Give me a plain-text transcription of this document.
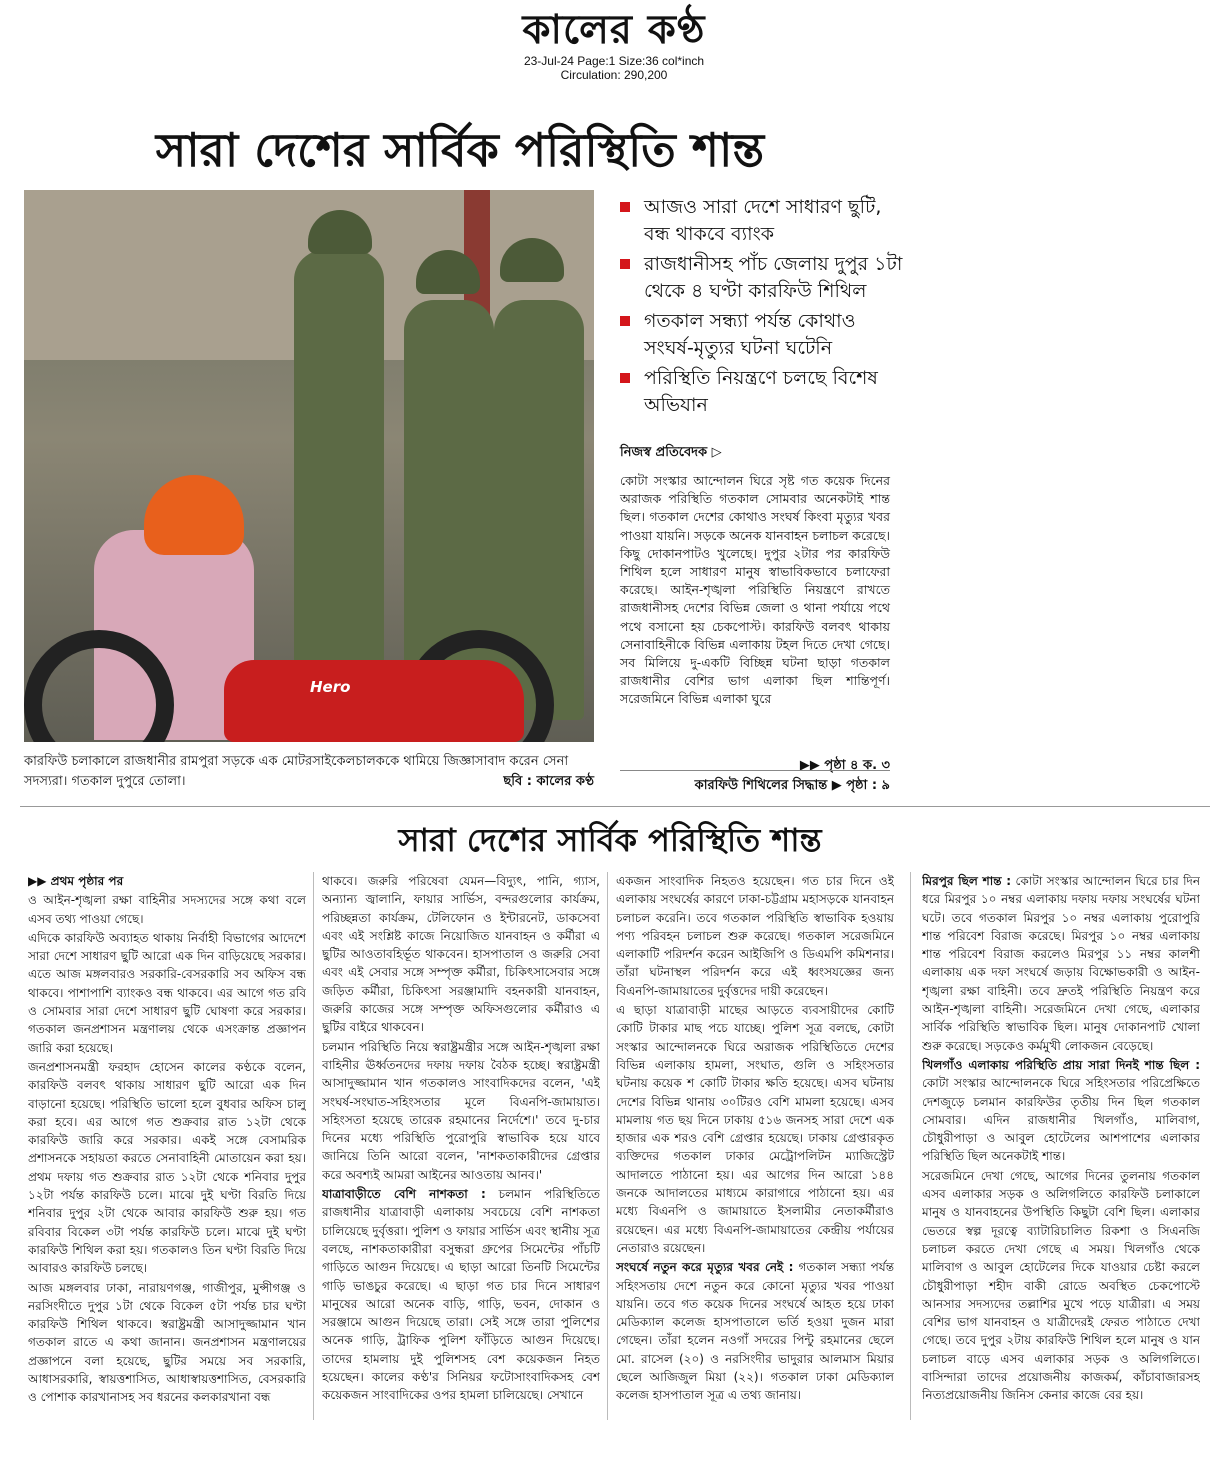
কালের কণ্ঠ
23-Jul-24 Page:1 Size:36 col*inch
Circulation: 290,200
সারা দেশের সার্বিক পরিস্থিতি শান্ত
Hero
কারফিউ চলাকালে রাজধানীর রামপুরা সড়কে এক মোটরসাইকেলচালককে থামিয়ে জিজ্ঞাসাবাদ করেন সেনা সদস্যরা। গতকাল দুপুরে তোলা।	ছবি : কালের কণ্ঠ
আজও সারা দেশে সাধারণ ছুটি, বন্ধ থাকবে ব্যাংক
রাজধানীসহ পাঁচ জেলায় দুপুর ১টা থেকে ৪ ঘণ্টা কারফিউ শিথিল
গতকাল সন্ধ্যা পর্যন্ত কোথাও সংঘর্ষ-মৃত্যুর ঘটনা ঘটেনি
পরিস্থিতি নিয়ন্ত্রণে চলছে বিশেষ অভিযান
নিজস্ব প্রতিবেদক ▷
কোটা সংস্কার আন্দোলন ঘিরে সৃষ্ট গত কয়েক দিনের অরাজক পরিস্থিতি গতকাল সোমবার অনেকটাই শান্ত ছিল। গতকাল দেশের কোথাও সংঘর্ষ কিংবা মৃত্যুর খবর পাওয়া যায়নি। সড়কে অনেক যানবাহন চলাচল করেছে। কিছু দোকানপাটও খুলেছে। দুপুর ২টার পর কারফিউ শিথিল হলে সাধারণ মানুষ স্বাভাবিকভাবে চলাফেরা করেছে। আইন-শৃঙ্খলা পরিস্থিতি নিয়ন্ত্রণে রাখতে রাজধানীসহ দেশের বিভিন্ন জেলা ও থানা পর্যায়ে পথে পথে বসানো হয় চেকপোস্ট। কারফিউ বলবৎ থাকায় সেনাবাহিনীকে বিভিন্ন এলাকায় টহল দিতে দেখা গেছে। সব মিলিয়ে দু-একটি বিচ্ছিন্ন ঘটনা ছাড়া গতকাল রাজধানীর বেশির ভাগ এলাকা ছিল শান্তিপূর্ণ। সরেজমিনে বিভিন্ন এলাকা ঘুরে
▶▶ পৃষ্ঠা ৪ ক. ৩
কারফিউ শিথিলের সিদ্ধান্ত ▶ পৃষ্ঠা : ৯
সারা দেশের সার্বিক পরিস্থিতি শান্ত

▶▶ প্রথম পৃষ্ঠার পর

ও আইন-শৃঙ্খলা রক্ষা বাহিনীর সদস্যদের সঙ্গে কথা বলে এসব তথ্য পাওয়া গেছে।

এদিকে কারফিউ অব্যাহত থাকায় নির্বাহী বিভাগের আদেশে সারা দেশে সাধারণ ছুটি আরো এক দিন বাড়িয়েছে সরকার। এতে আজ মঙ্গলবারও সরকারি-বেসরকারি সব অফিস বন্ধ থাকবে। পাশাপাশি ব্যাংকও বন্ধ থাকবে। এর আগে গত রবি ও সোমবার সারা দেশে সাধারণ ছুটি ঘোষণা করে সরকার। গতকাল জনপ্রশাসন মন্ত্রণালয় থেকে এসংক্রান্ত প্রজ্ঞাপন জারি করা হয়েছে।

জনপ্রশাসনমন্ত্রী ফরহাদ হোসেন কালের কণ্ঠকে বলেন, কারফিউ বলবৎ থাকায় সাধারণ ছুটি আরো এক দিন বাড়ানো হয়েছে। পরিস্থিতি ভালো হলে বুধবার অফিস চালু করা হবে। এর আগে গত শুক্রবার রাত ১২টা থেকে কারফিউ জারি করে সরকার। একই সঙ্গে বেসামরিক প্রশাসনকে সহায়তা করতে সেনাবাহিনী মোতায়েন করা হয়। প্রথম দফায় গত শুক্রবার রাত ১২টা থেকে শনিবার দুপুর ১২টা পর্যন্ত কারফিউ চলে। মাঝে দুই ঘণ্টা বিরতি দিয়ে শনিবার দুপুর ২টা থেকে আবার কারফিউ শুরু হয়। গত রবিবার বিকেল ৩টা পর্যন্ত কারফিউ চলে। মাঝে দুই ঘণ্টা কারফিউ শিথিল করা হয়। গতকালও তিন ঘণ্টা বিরতি দিয়ে আবারও কারফিউ চলছে।

আজ মঙ্গলবার ঢাকা, নারায়ণগঞ্জ, গাজীপুর, মুন্সীগঞ্জ ও নরসিংদীতে দুপুর ১টা থেকে বিকেল ৫টা পর্যন্ত চার ঘণ্টা কারফিউ শিথিল থাকবে। স্বরাষ্ট্রমন্ত্রী আসাদুজ্জামান খান গতকাল রাতে এ কথা জানান। জনপ্রশাসন মন্ত্রণালয়ের প্রজ্ঞাপনে বলা হয়েছে, ছুটির সময়ে সব সরকারি, আধাসরকারি, স্বায়ত্তশাসিত, আধাস্বায়ত্তশাসিত, বেসরকারি ও পোশাক কারখানাসহ সব ধরনের কলকারখানা বন্ধ

থাকবে। জরুরি পরিষেবা যেমন—বিদ্যুৎ, পানি, গ্যাস, অন্যান্য জ্বালানি, ফায়ার সার্ভিস, বন্দরগুলোর কার্যক্রম, পরিচ্ছন্নতা কার্যক্রম, টেলিফোন ও ইন্টারনেট, ডাকসেবা এবং এই সংশ্লিষ্ট কাজে নিয়োজিত যানবাহন ও কর্মীরা এ ছুটির আওতাবহির্ভূত থাকবেন। হাসপাতাল ও জরুরি সেবা এবং এই সেবার সঙ্গে সম্পৃক্ত কর্মীরা, চিকিৎসাসেবার সঙ্গে জড়িত কর্মীরা, চিকিৎসা সরঞ্জামাদি বহনকারী যানবাহন, জরুরি কাজের সঙ্গে সম্পৃক্ত অফিসগুলোর কর্মীরাও এ ছুটির বাইরে থাকবেন।

চলমান পরিস্থিতি নিয়ে স্বরাষ্ট্রমন্ত্রীর সঙ্গে আইন-শৃঙ্খলা রক্ষা বাহিনীর ঊর্ধ্বতনদের দফায় দফায় বৈঠক হচ্ছে। স্বরাষ্ট্রমন্ত্রী আসাদুজ্জামান খান গতকালও সাংবাদিকদের বলেন, 'এই সংঘর্ষ-সংঘাত-সহিংসতার মূলে বিএনপি-জামায়াত। সহিংসতা হয়েছে তারেক রহমানের নির্দেশে।' তবে দু-চার দিনের মধ্যে পরিস্থিতি পুরোপুরি স্বাভাবিক হয়ে যাবে জানিয়ে তিনি আরো বলেন, 'নাশকতাকারীদের গ্রেপ্তার করে অবশ্যই আমরা আইনের আওতায় আনব।'

যাত্রাবাড়ীতে বেশি নাশকতা : চলমান পরিস্থিতিতে রাজধানীর যাত্রাবাড়ী এলাকায় সবচেয়ে বেশি নাশকতা চালিয়েছে দুর্বৃত্তরা। পুলিশ ও ফায়ার সার্ভিস এবং স্থানীয় সূত্র বলছে, নাশকতাকারীরা বসুন্ধরা গ্রুপের সিমেন্টের পাঁচটি গাড়িতে আগুন দিয়েছে। এ ছাড়া আরো তিনটি সিমেন্টের গাড়ি ভাঙচুর করেছে। এ ছাড়া গত চার দিনে সাধারণ মানুষের আরো অনেক বাড়ি, গাড়ি, ভবন, দোকান ও সরঞ্জামে আগুন দিয়েছে তারা। সেই সঙ্গে তারা পুলিশের অনেক গাড়ি, ট্রাফিক পুলিশ ফাঁড়িতে আগুন দিয়েছে। তাদের হামলায় দুই পুলিশসহ বেশ কয়েকজন নিহত হয়েছেন। কালের কণ্ঠ'র সিনিয়র ফটোসাংবাদিকসহ বেশ কয়েকজন সাংবাদিকের ওপর হামলা চালিয়েছে। সেখানে

একজন সাংবাদিক নিহতও হয়েছেন। গত চার দিনে ওই এলাকায় সংঘর্ষের কারণে ঢাকা-চট্টগ্রাম মহাসড়কে যানবাহন চলাচল করেনি। তবে গতকাল পরিস্থিতি স্বাভাবিক হওয়ায় পণ্য পরিবহন চলাচল শুরু করেছে। গতকাল সরেজমিনে এলাকাটি পরিদর্শন করেন আইজিপি ও ডিএমপি কমিশনার। তাঁরা ঘটনাস্থল পরিদর্শন করে এই ধ্বংসযজ্ঞের জন্য বিএনপি-জামায়াতের দুর্বৃত্তদের দায়ী করেছেন।

এ ছাড়া যাত্রাবাড়ী মাছের আড়তে ব্যবসায়ীদের কোটি কোটি টাকার মাছ পচে যাচ্ছে। পুলিশ সূত্র বলছে, কোটা সংস্কার আন্দোলনকে ঘিরে অরাজক পরিস্থিতিতে দেশের বিভিন্ন এলাকায় হামলা, সংঘাত, গুলি ও সহিংসতার ঘটনায় কয়েক শ কোটি টাকার ক্ষতি হয়েছে। এসব ঘটনায় দেশের বিভিন্ন থানায় ৩০টিরও বেশি মামলা হয়েছে। এসব মামলায় গত ছয় দিনে ঢাকায় ৫১৬ জনসহ সারা দেশে এক হাজার এক শরও বেশি গ্রেপ্তার হয়েছে। ঢাকায় গ্রেপ্তারকৃত ব্যক্তিদের গতকাল ঢাকার মেট্রোপলিটন ম্যাজিস্ট্রেট আদালতে পাঠানো হয়। এর আগের দিন আরো ১৪৪ জনকে আদালতের মাধ্যমে কারাগারে পাঠানো হয়। এর মধ্যে বিএনপি ও জামায়াতে ইসলামীর নেতাকর্মীরাও রয়েছেন। এর মধ্যে বিএনপি-জামায়াতের কেন্দ্রীয় পর্যায়ের নেতারাও রয়েছেন।

সংঘর্ষে নতুন করে মৃত্যুর খবর নেই : গতকাল সন্ধ্যা পর্যন্ত সহিংসতায় দেশে নতুন করে কোনো মৃত্যুর খবর পাওয়া যায়নি। তবে গত কয়েক দিনের সংঘর্ষে আহত হয়ে ঢাকা মেডিক্যাল কলেজ হাসপাতালে ভর্তি হওয়া দুজন মারা গেছেন। তাঁরা হলেন নওগাঁ সদরের পিন্টু রহমানের ছেলে মো. রাসেল (২০) ও নরসিংদীর ভাদুরার আলমাস মিয়ার ছেলে আজিজুল মিয়া (২২)। গতকাল ঢাকা মেডিক্যাল কলেজ হাসপাতাল সূত্র এ তথ্য জানায়।

মিরপুর ছিল শান্ত : কোটা সংস্কার আন্দোলন ঘিরে চার দিন ধরে মিরপুর ১০ নম্বর এলাকায় দফায় দফায় সংঘর্ষের ঘটনা ঘটে। তবে গতকাল মিরপুর ১০ নম্বর এলাকায় পুরোপুরি শান্ত পরিবেশ বিরাজ করেছে। মিরপুর ১০ নম্বর এলাকায় শান্ত পরিবেশ বিরাজ করলেও মিরপুর ১১ নম্বর কালশী এলাকায় এক দফা সংঘর্ষে জড়ায় বিক্ষোভকারী ও আইন-শৃঙ্খলা রক্ষা বাহিনী। তবে দ্রুতই পরিস্থিতি নিয়ন্ত্রণ করে আইন-শৃঙ্খলা বাহিনী। সরেজমিনে দেখা গেছে, এলাকার সার্বিক পরিস্থিতি স্বাভাবিক ছিল। মানুষ দোকানপাট খোলা শুরু করেছে। সড়কেও কর্মমুখী লোকজন বেড়েছে।

খিলগাঁও এলাকায় পরিস্থিতি প্রায় সারা দিনই শান্ত ছিল : কোটা সংস্কার আন্দোলনকে ঘিরে সহিংসতার পরিপ্রেক্ষিতে দেশজুড়ে চলমান কারফিউর তৃতীয় দিন ছিল গতকাল সোমবার। এদিন রাজধানীর খিলগাঁও, মালিবাগ, চৌধুরীপাড়া ও আবুল হোটেলের আশপাশের এলাকার পরিস্থিতি ছিল অনেকটাই শান্ত।

সরেজমিনে দেখা গেছে, আগের দিনের তুলনায় গতকাল এসব এলাকার সড়ক ও অলিগলিতে কারফিউ চলাকালে মানুষ ও যানবাহনের উপস্থিতি কিছুটা বেশি ছিল। এলাকার ভেতরে স্বল্প দূরত্বে ব্যাটারিচালিত রিকশা ও সিএনজি চলাচল করতে দেখা গেছে এ সময়। খিলগাঁও থেকে মালিবাগ ও আবুল হোটেলের দিকে যাওয়ার চেষ্টা করলে চৌধুরীপাড়া শহীদ বাকী রোডে অবস্থিত চেকপোস্টে আনসার সদস্যদের তল্লাশির মুখে পড়ে যাত্রীরা। এ সময় বেশির ভাগ যানবাহন ও যাত্রীদেরই ফেরত পাঠাতে দেখা গেছে। তবে দুপুর ২টায় কারফিউ শিথিল হলে মানুষ ও যান চলাচল বাড়ে এসব এলাকার সড়ক ও অলিগলিতে। বাসিন্দারা তাদের প্রয়োজনীয় কাজকর্ম, কাঁচাবাজারসহ নিত্যপ্রয়োজনীয় জিনিস কেনার কাজে বের হয়।
